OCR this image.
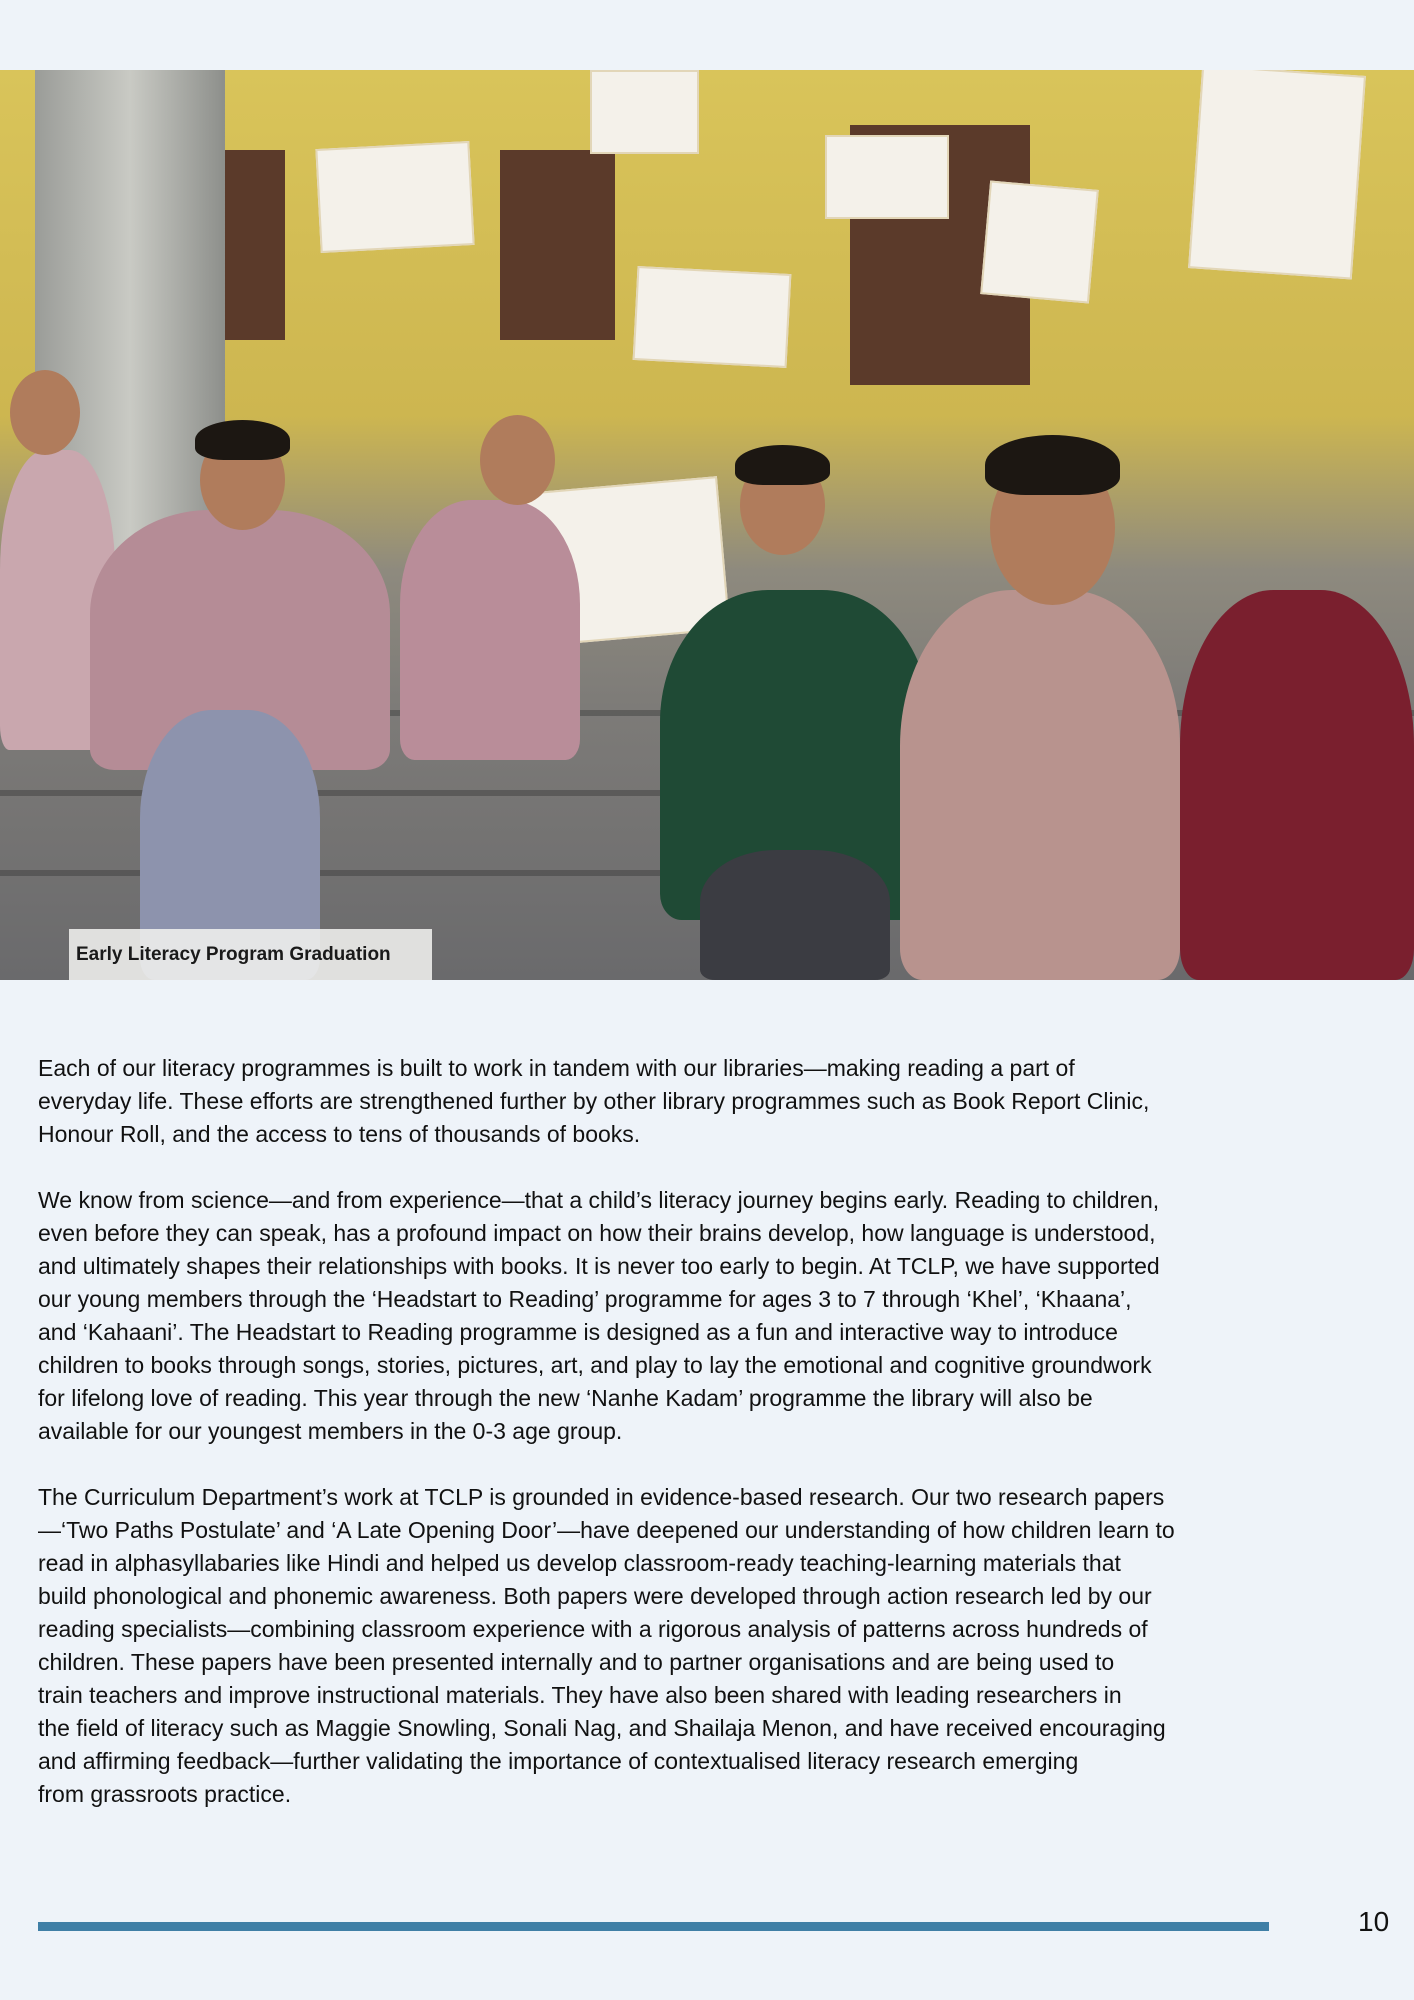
Early Literacy Program Graduation

Each of our literacy programmes is built to work in tandem with our libraries—making reading a part of
everyday life. These efforts are strengthened further by other library programmes such as Book Report Clinic,
Honour Roll, and the access to tens of thousands of books.

We know from science—and from experience—that a child’s literacy journey begins early. Reading to children,
even before they can speak, has a profound impact on how their brains develop, how language is understood,
and ultimately shapes their relationships with books. It is never too early to begin. At TCLP, we have supported
our young members through the ‘Headstart to Reading’ programme for ages 3 to 7 through ‘Khel’, ‘Khaana’,
and ‘Kahaani’. The Headstart to Reading programme is designed as a fun and interactive way to introduce
children to books through songs, stories, pictures, art, and play to lay the emotional and cognitive groundwork
for lifelong love of reading. This year through the new ‘Nanhe Kadam’ programme the library will also be
available for our youngest members in the 0-3 age group.

The Curriculum Department’s work at TCLP is grounded in evidence-based research. Our two research papers
—‘Two Paths Postulate’ and ‘A Late Opening Door’—have deepened our understanding of how children learn to
read in alphasyllabaries like Hindi and helped us develop classroom-ready teaching-learning materials that
build phonological and phonemic awareness. Both papers were developed through action research led by our
reading specialists—combining classroom experience with a rigorous analysis of patterns across hundreds of
children. These papers have been presented internally and to partner organisations and are being used to
train teachers and improve instructional materials. They have also been shared with leading researchers in
the field of literacy such as Maggie Snowling, Sonali Nag, and Shailaja Menon, and have received encouraging
and affirming feedback—further validating the importance of contextualised literacy research emerging
from grassroots practice.

10
